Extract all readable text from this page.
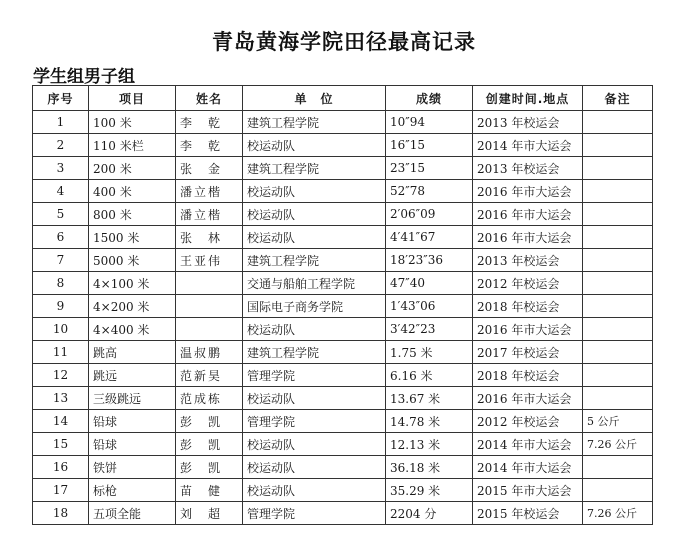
青岛黄海学院田径最高记录
学生组男子组
序号	项目	姓名	单　位	成绩	创建时间.地点	备注
1	100 米	李　乾	建筑工程学院	10″94	2013 年校运会	
2	110 米栏	李　乾	校运动队	16″15	2014 年市大运会	
3	200 米	张　金	建筑工程学院	23″15	2013 年校运会	
4	400 米	潘立楷	校运动队	52″78	2016 年市大运会	
5	800 米	潘立楷	校运动队	2′06″09	2016 年市大运会	
6	1500 米	张　林	校运动队	4′41″67	2016 年市大运会	
7	5000 米	王亚伟	建筑工程学院	18′23″36	2013 年校运会	
8	4×100 米		交通与船舶工程学院	47″40	2012 年校运会	
9	4×200 米		国际电子商务学院	1′43″06	2018 年校运会	
10	4×400 米		校运动队	3′42″23	2016 年市大运会	
11	跳高	温叔鹏	建筑工程学院	1.75 米	2017 年校运会	
12	跳远	范新昊	管理学院	6.16 米	2018 年校运会	
13	三级跳远	范成栋	校运动队	13.67 米	2016 年市大运会	
14	铅球	彭　凯	管理学院	14.78 米	2012 年校运会	5 公斤
15	铅球	彭　凯	校运动队	12.13 米	2014 年市大运会	7.26 公斤
16	铁饼	彭　凯	校运动队	36.18 米	2014 年市大运会	
17	标枪	苗　健	校运动队	35.29 米	2015 年市大运会	
18	五项全能	刘　超	管理学院	2204 分	2015 年校运会	7.26 公斤
